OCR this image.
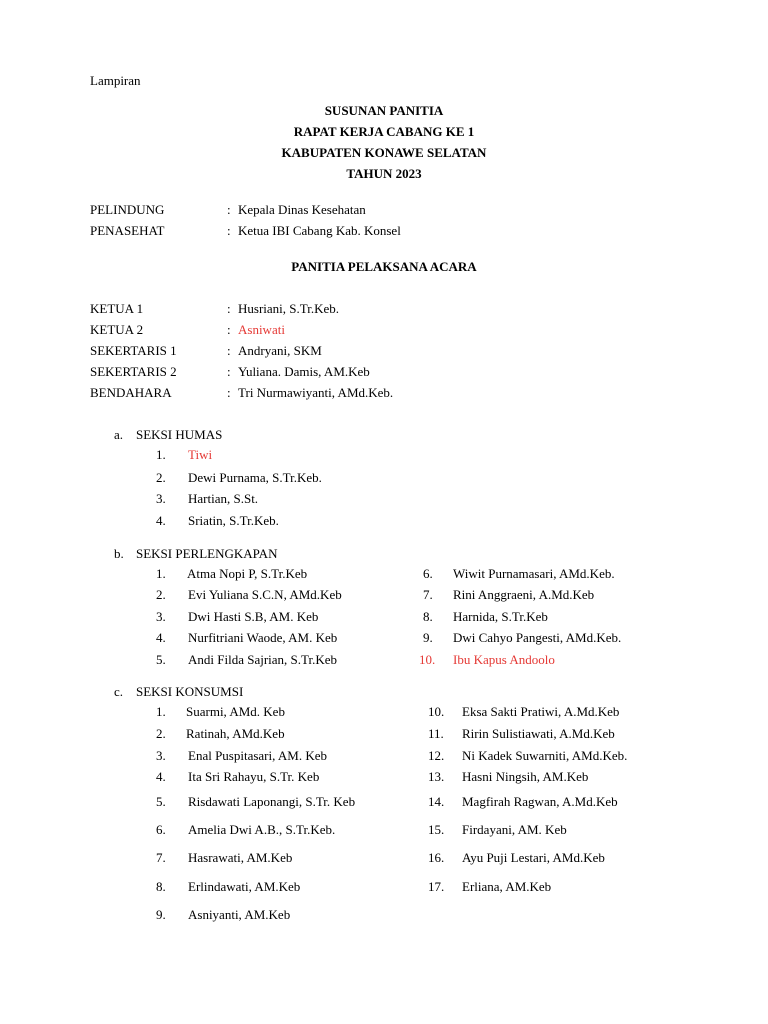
Lampiran
SUSUNAN PANITIA
RAPAT KERJA CABANG KE 1
KABUPATEN KONAWE SELATAN
TAHUN 2023
PELINDUNG	: Kepala Dinas Kesehatan
PENASEHAT	: Ketua IBI Cabang Kab. Konsel
PANITIA PELAKSANA ACARA
KETUA 1	: Husriani, S.Tr.Keb.
KETUA 2	: Asniwati
SEKERTARIS 1	: Andryani, SKM
SEKERTARIS 2	: Yuliana. Damis, AM.Keb
BENDAHARA	: Tri Nurmawiyanti, AMd.Keb.
a. SEKSI HUMAS
1. Tiwi
2. Dewi Purnama, S.Tr.Keb.
3. Hartian, S.St.
4. Sriatin, S.Tr.Keb.
b. SEKSI PERLENGKAPAN
1. Atma Nopi P, S.Tr.Keb
2. Evi Yuliana S.C.N, AMd.Keb
3. Dwi Hasti S.B, AM. Keb
4. Nurfitriani Waode, AM. Keb
5. Andi Filda Sajrian, S.Tr.Keb
6. Wiwit Purnamasari, AMd.Keb.
7. Rini Anggraeni, A.Md.Keb
8. Harnida, S.Tr.Keb
9. Dwi Cahyo Pangesti, AMd.Keb.
10. Ibu Kapus Andoolo
c. SEKSI KONSUMSI
1. Suarmi, AMd. Keb
2. Ratinah, AMd.Keb
3. Enal Puspitasari, AM. Keb
4. Ita Sri Rahayu, S.Tr. Keb
5. Risdawati Laponangi, S.Tr. Keb
6. Amelia Dwi A.B., S.Tr.Keb.
7. Hasrawati, AM.Keb
8. Erlindawati, AM.Keb
9. Asniyanti, AM.Keb
10. Eksa Sakti Pratiwi, A.Md.Keb
11. Ririn Sulistiawati, A.Md.Keb
12. Ni Kadek Suwarniti, AMd.Keb.
13. Hasni Ningsih, AM.Keb
14. Magfirah Ragwan, A.Md.Keb
15. Firdayani, AM. Keb
16. Ayu Puji Lestari, AMd.Keb
17. Erliana, AM.Keb
